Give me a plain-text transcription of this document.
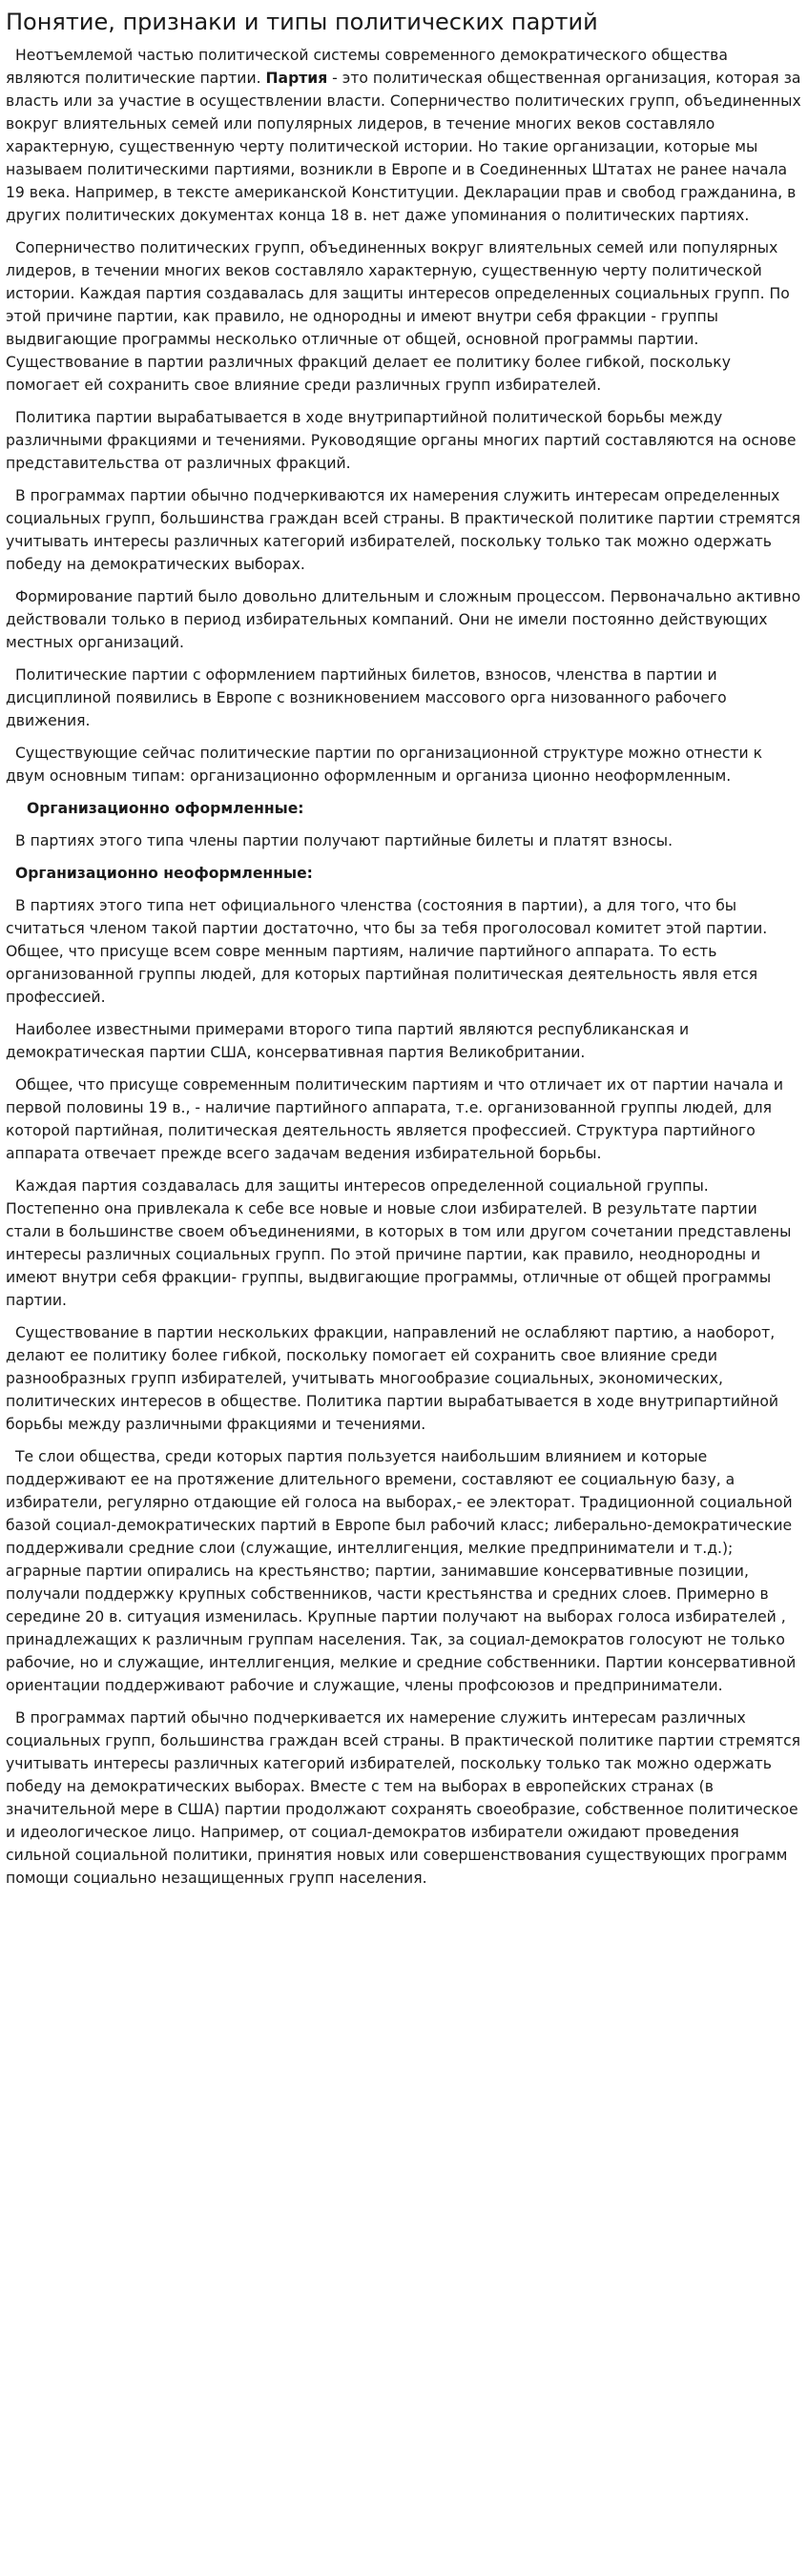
Понятие, признаки и типы политических партий

Неотъемлемой частью политической системы современного демократического общества являются политические партии. Партия - это политическая общественная организация, которая за власть или за участие в осуществлении власти. Соперничество политических групп, объединенных вокруг влиятельных семей или популярных лидеров, в течение многих веков составляло характерную, существенную черту политической истории. Но такие организации, которые мы называем политическими партиями, возникли в Европе и в Соединенных Штатах не ранее начала 19 века. Например, в тексте американской Конституции. Декларации прав и свобод гражданина, в других политических документах конца 18 в. нет даже упоминания о политических партиях.

Соперничество политических групп, объединенных вокруг влиятельных семей или популярных лидеров, в течении многих веков составляло характерную, существенную черту политической истории. Каждая партия создавалась для защиты интересов определенных социальных групп. По этой причине партии, как правило, не однородны и имеют внутри себя фракции - группы выдвигающие программы несколько отличные от общей, основной программы партии. Существование в партии различных фракций делает ее политику более гибкой, поскольку помогает ей сохранить свое влияние среди различных групп избирателей.

Политика партии вырабатывается в ходе внутрипартийной политической борьбы между различными фракциями и течениями. Руководящие органы многих партий составляются на основе представительства от различных фракций.

В программах партии обычно подчеркиваются их намерения служить интересам определенных социальных групп, большинства граждан всей страны. В практической политике партии стремятся учитывать интересы различных категорий избирателей, поскольку только так можно одержать победу на демократических выборах.

Формирование партий было довольно длительным и сложным процессом. Первоначально активно действовали только в период избирательных компаний. Они не имели постоянно действующих местных организаций.

Политические партии с оформлением партийных билетов, взносов, членства в партии и дисциплиной появились в Европе с возникновением массового орга низованного рабочего движения.

Существующие сейчас политические партии по организационной структуре можно отнести к двум основным типам: организационно оформленным и организа ционно неоформленным.

Организационно оформленные:

В партиях этого типа члены партии получают партийные билеты и платят взносы.

Организационно неоформленные:

В партиях этого типа нет официального членства (состояния в партии), а для того, что бы считаться членом такой партии достаточно, что бы за тебя проголосовал комитет этой партии. Общее, что присуще всем совре менным партиям, наличие партийного аппарата. То есть организованной группы людей, для которых партийная политическая деятельность явля ется профессией.

Наиболее известными примерами второго типа партий являются республиканская и демократическая партии США, консервативная партия Великобритании.

Общее, что присуще современным политическим партиям и что отличает их от партии начала и первой половины 19 в., - наличие партийного аппарата, т.е. организованной группы людей, для которой партийная, политическая деятельность является профессией. Структура партийного аппарата отвечает прежде всего задачам ведения избирательной борьбы.

Каждая партия создавалась для защиты интересов определенной социальной группы. Постепенно она привлекала к себе все новые и новые слои избирателей. В результате партии стали в большинстве своем объединениями, в которых в том или другом сочетании представлены интересы различных социальных групп. По этой причине партии, как правило, неоднородны и имеют внутри себя фракции- группы, выдвигающие программы, отличные от общей программы партии.

Существование в партии нескольких фракции, направлений не ослабляют партию, а наоборот, делают ее политику более гибкой, поскольку помогает ей сохранить свое влияние среди разнообразных групп избирателей, учитывать многообразие социальных, экономических, политических интересов в обществе. Политика партии вырабатывается в ходе внутрипартийной борьбы между различными фракциями и течениями.

Те слои общества, среди которых партия пользуется наибольшим влиянием и которые поддерживают ее на протяжение длительного времени, составляют ее социальную базу, а избиратели, регулярно отдающие ей голоса на выборах,- ее электорат. Традиционной социальной базой социал-демократических партий в Европе был рабочий класс; либерально-демократические поддерживали средние слои (служащие, интеллигенция, мелкие предприниматели и т.д.); аграрные партии опирались на крестьянство; партии, занимавшие консервативные позиции, получали поддержку крупных собственников, части крестьянства и средних слоев. Примерно в середине 20 в. ситуация изменилась. Крупные партии получают на выборах голоса избирателей , принадлежащих к различным группам населения. Так, за социал-демократов голосуют не только рабочие, но и служащие, интеллигенция, мелкие и средние собственники. Партии консервативной ориентации поддерживают рабочие и служащие, члены профсоюзов и предприниматели.

В программах партий обычно подчеркивается их намерение служить интересам различных социальных групп, большинства граждан всей страны. В практической политике партии стремятся учитывать интересы различных категорий избирателей, поскольку только так можно одержать победу на демократических выборах. Вместе с тем на выборах в европейских странах (в значительной мере в США) партии продолжают сохранять своеобразие, собственное политическое и идеологическое лицо. Например, от социал-демократов избиратели ожидают проведения сильной социальной политики, принятия новых или совершенствования существующих программ помощи социально незащищенных групп населения.
